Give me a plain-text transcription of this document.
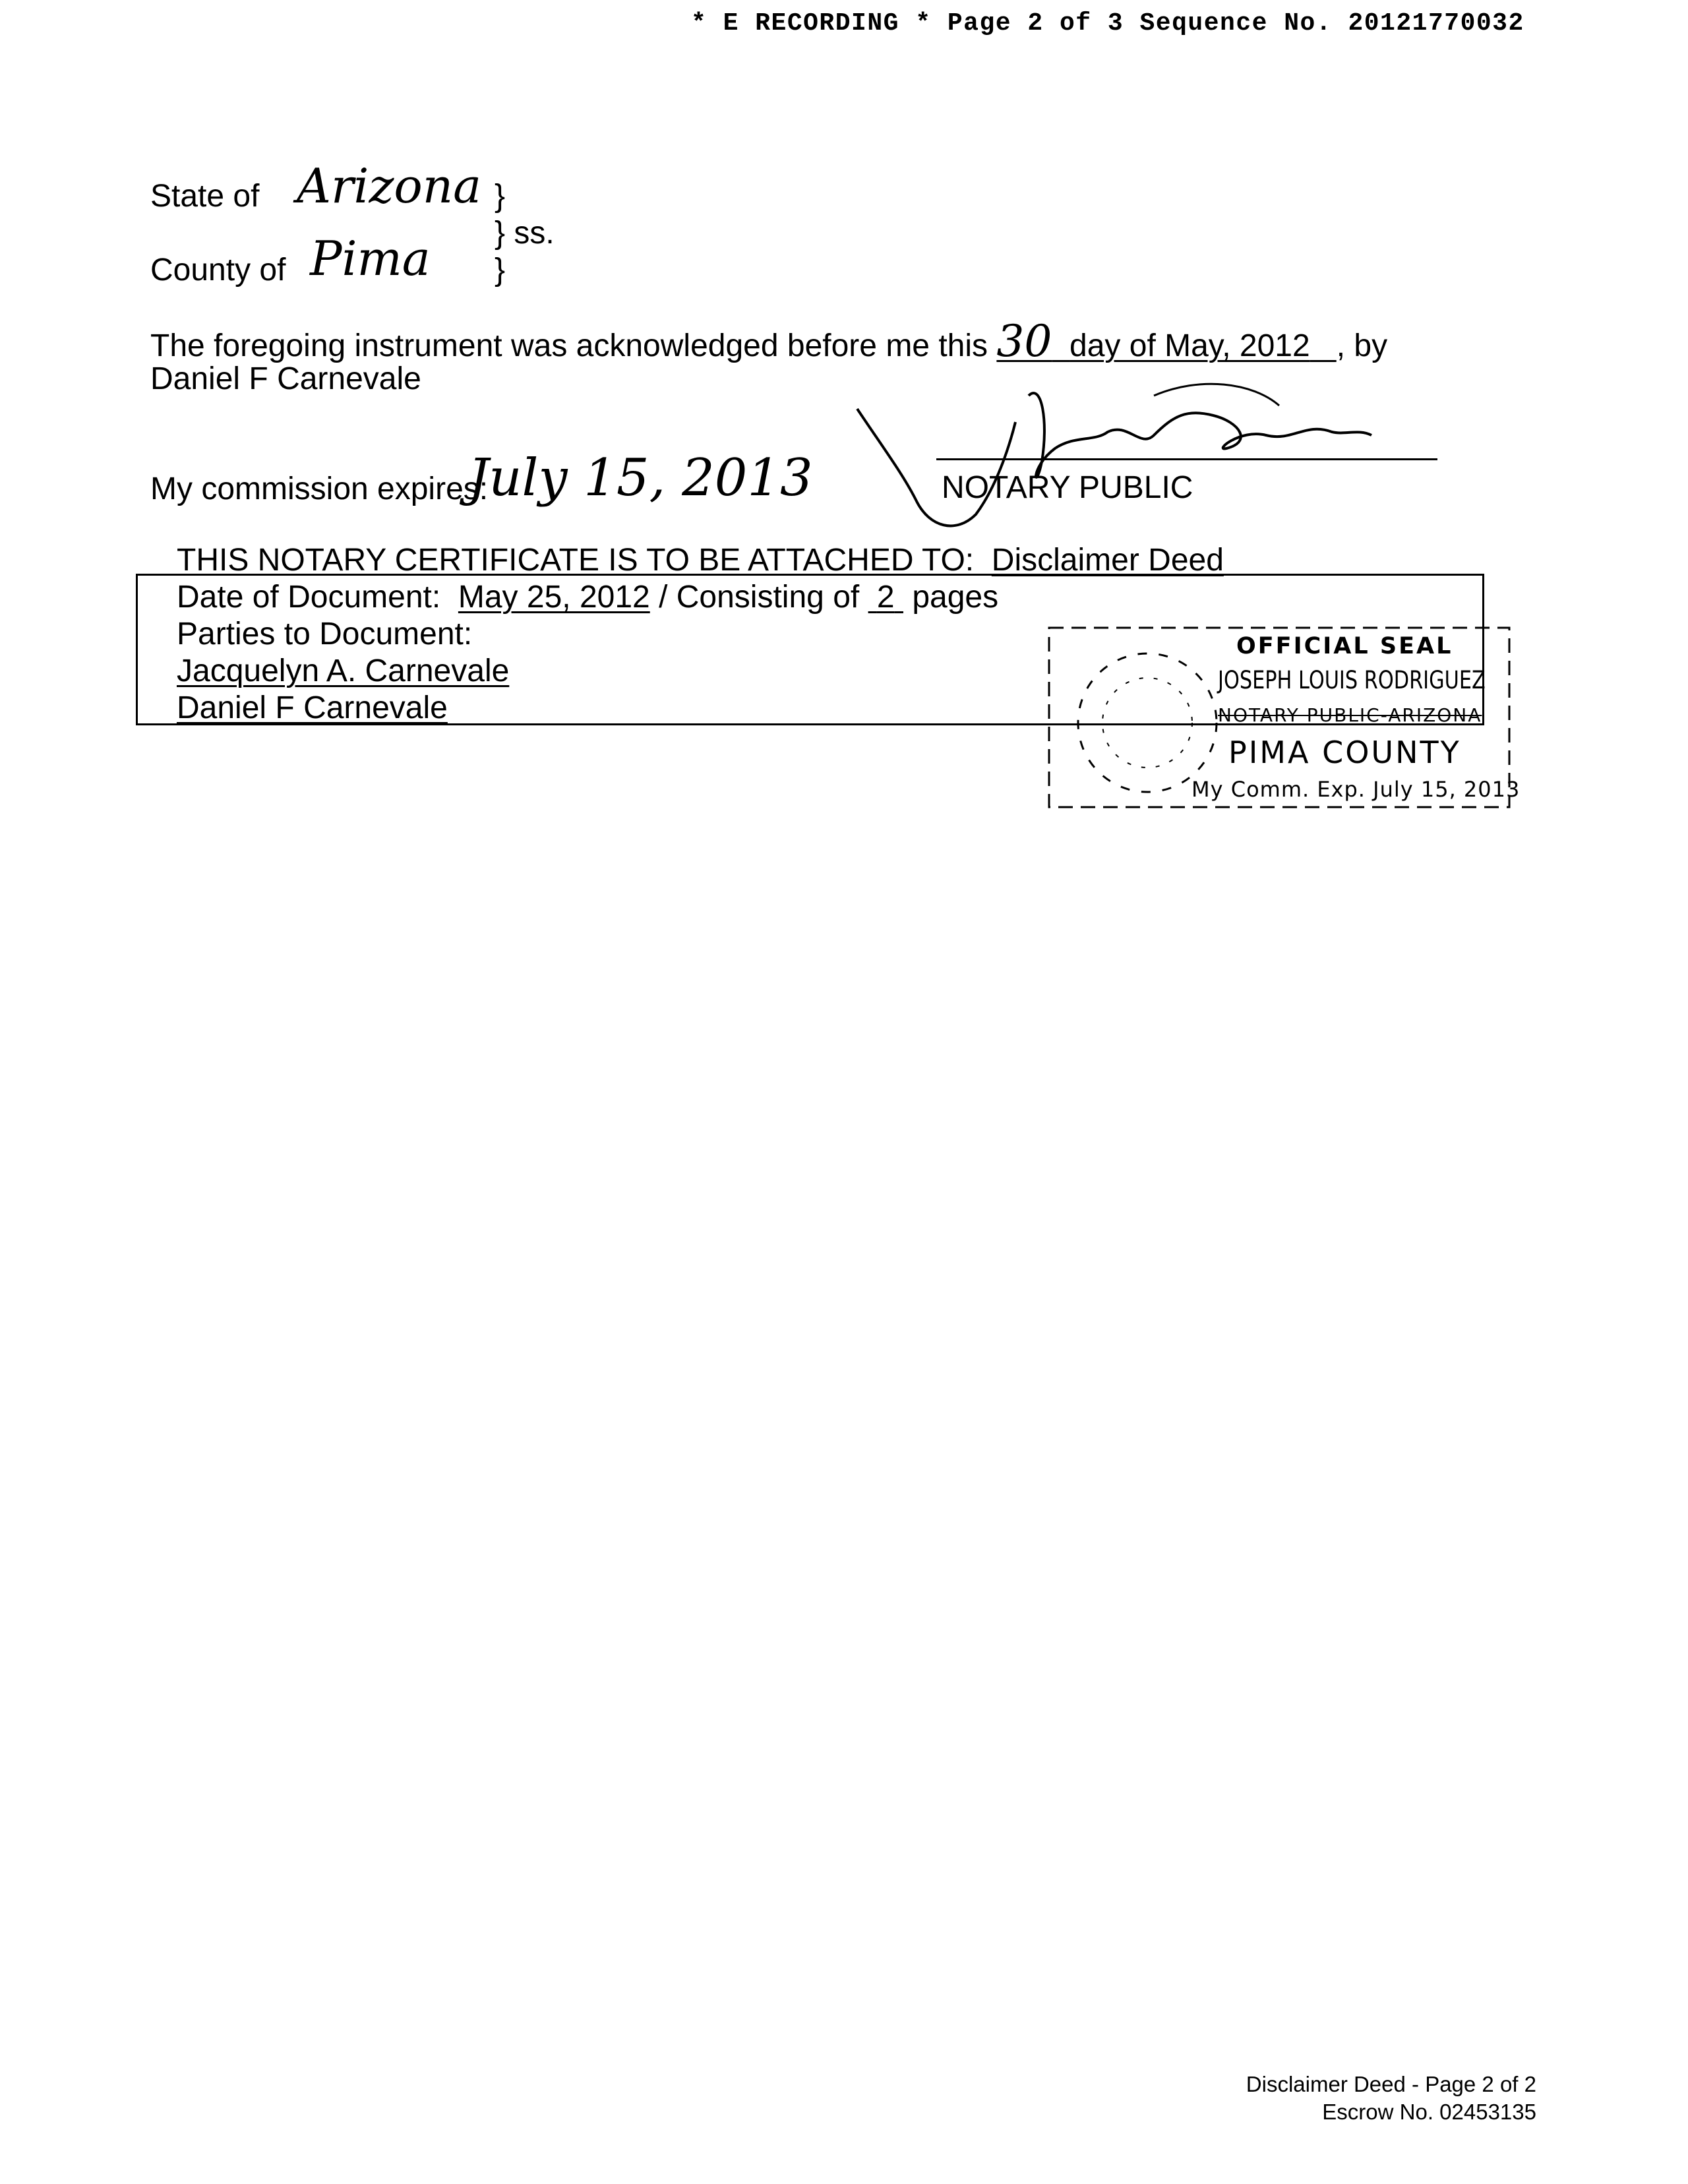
* E RECORDING * Page 2 of 3 Sequence No. 20121770032
State of Arizona }
} ss.
County of Pima }
The foregoing instrument was acknowledged before me this 30 day of May, 2012 , by
Daniel F Carnevale
My commission expires:
July 15, 2013	NOTARY PUBLIC
THIS NOTARY CERTIFICATE IS TO BE ATTACHED TO: Disclaimer Deed
Date of Document: May 25, 2012 / Consisting of 2 pages
Parties to Document:
Jacquelyn A. Carnevale
Daniel F Carnevale
OFFICIAL SEAL
JOSEPH LOUIS RODRIGUEZ
NOTARY PUBLIC-ARIZONA
PIMA COUNTY
My Comm. Exp. July 15, 2013
Disclaimer Deed - Page 2 of 2
Escrow No. 02453135
